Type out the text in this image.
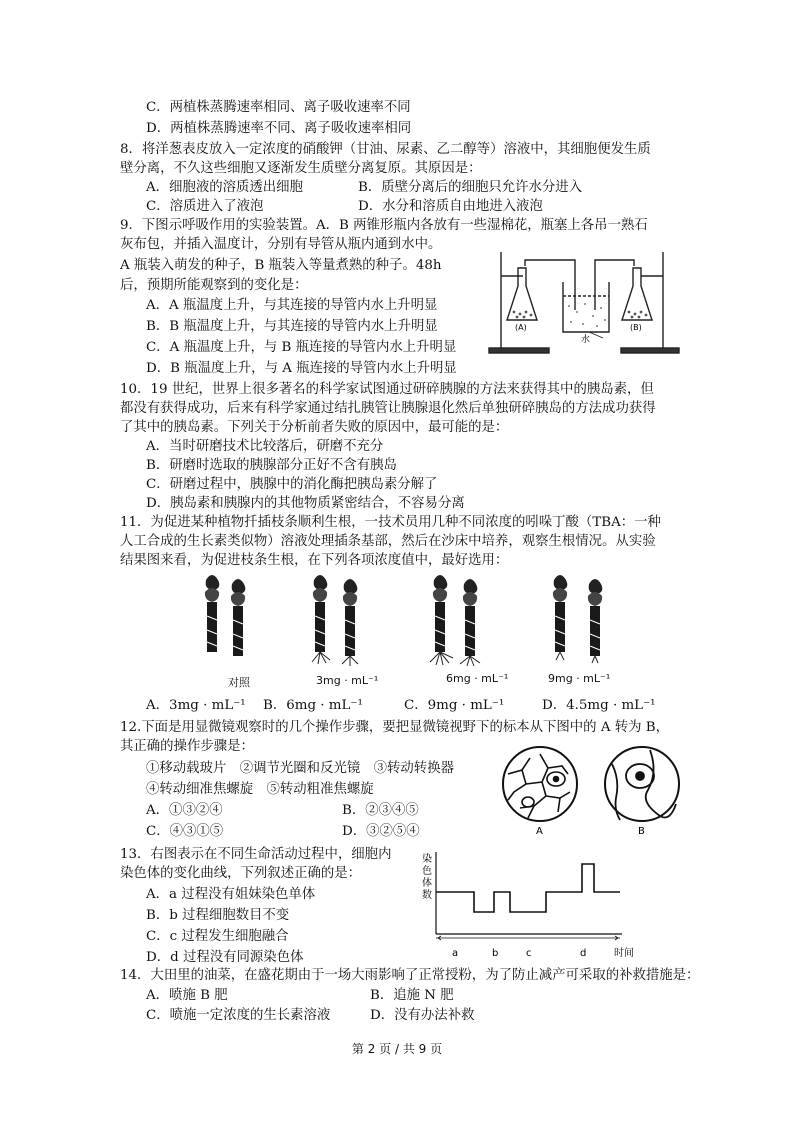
C．两植株蒸腾速率相同、离子吸收速率不同
D．两植株蒸腾速率不同、离子吸收速率相同
8．将洋葱表皮放入一定浓度的硝酸钾（甘油、尿素、乙二醇等）溶液中，其细胞便发生质
壁分离，不久这些细胞又逐渐发生质壁分离复原。其原因是：
A．细胞液的溶质透出细胞	B．质壁分离后的细胞只允许水分进入
C．溶质进入了液泡	D．水分和溶质自由地进入液泡
9．下图示呼吸作用的实验装置。A．B 两锥形瓶内各放有一些湿棉花，瓶塞上各吊一熟石
灰布包，并插入温度计，分别有导管从瓶内通到水中。
A 瓶装入萌发的种子，B 瓶装入等量煮熟的种子。48h
后，预期所能观察到的变化是：
A．A 瓶温度上升，与其连接的导管内水上升明显
B．B 瓶温度上升，与其连接的导管内水上升明显
C．A 瓶温度上升，与 B 瓶连接的导管内水上升明显
D．B 瓶温度上升，与 A 瓶连接的导管内水上升明显
(A)	(B)
水
10．19 世纪，世界上很多著名的科学家试图通过研碎胰腺的方法来获得其中的胰岛素，但
都没有获得成功，后来有科学家通过结扎胰管让胰腺退化然后单独研碎胰岛的方法成功获得
了其中的胰岛素。下列关于分析前者失败的原因中，最可能的是：
A．当时研磨技术比较落后，研磨不充分
B．研磨时选取的胰腺部分正好不含有胰岛
C．研磨过程中，胰腺中的消化酶把胰岛素分解了
D．胰岛素和胰腺内的其他物质紧密结合，不容易分离
11．为促进某种植物扦插枝条顺利生根，一技术员用几种不同浓度的吲哚丁酸（TBA：一种
人工合成的生长素类似物）溶液处理插条基部，然后在沙床中培养，观察生根情况。从实验
结果图来看，为促进枝条生根，在下列各项浓度值中，最好选用：
对照	3mg · mL⁻¹	6mg · mL⁻¹	9mg · mL⁻¹
A．3mg · mL⁻¹ B．6mg · mL⁻¹	C．9mg · mL⁻¹	D．4.5mg · mL⁻¹
12.下面是用显微镜观察时的几个操作步骤，要把显微镜视野下的标本从下图中的 A 转为 B，
其正确的操作步骤是：
①移动载玻片　②调节光圈和反光镜　③转动转换器
④转动细准焦螺旋　⑤转动粗准焦螺旋
A．①③②④	B．②③④⑤
C．④③①⑤	D．③②⑤④	A	B
13．右图表示在不同生命活动过程中，细胞内
染色体的变化曲线，下列叙述正确的是：
A．a 过程没有姐妹染色单体
B．b 过程细胞数目不变
C．c 过程发生细胞融合
D．d 过程没有同源染色体
染
色
体
数
a	b	c	d	时间
14．大田里的油菜，在盛花期由于一场大雨影响了正常授粉，为了防止减产可采取的补救措施是：
A．喷施 B 肥	B．追施 N 肥
C．喷施一定浓度的生长素溶液	D．没有办法补救
第 2 页 / 共 9 页
